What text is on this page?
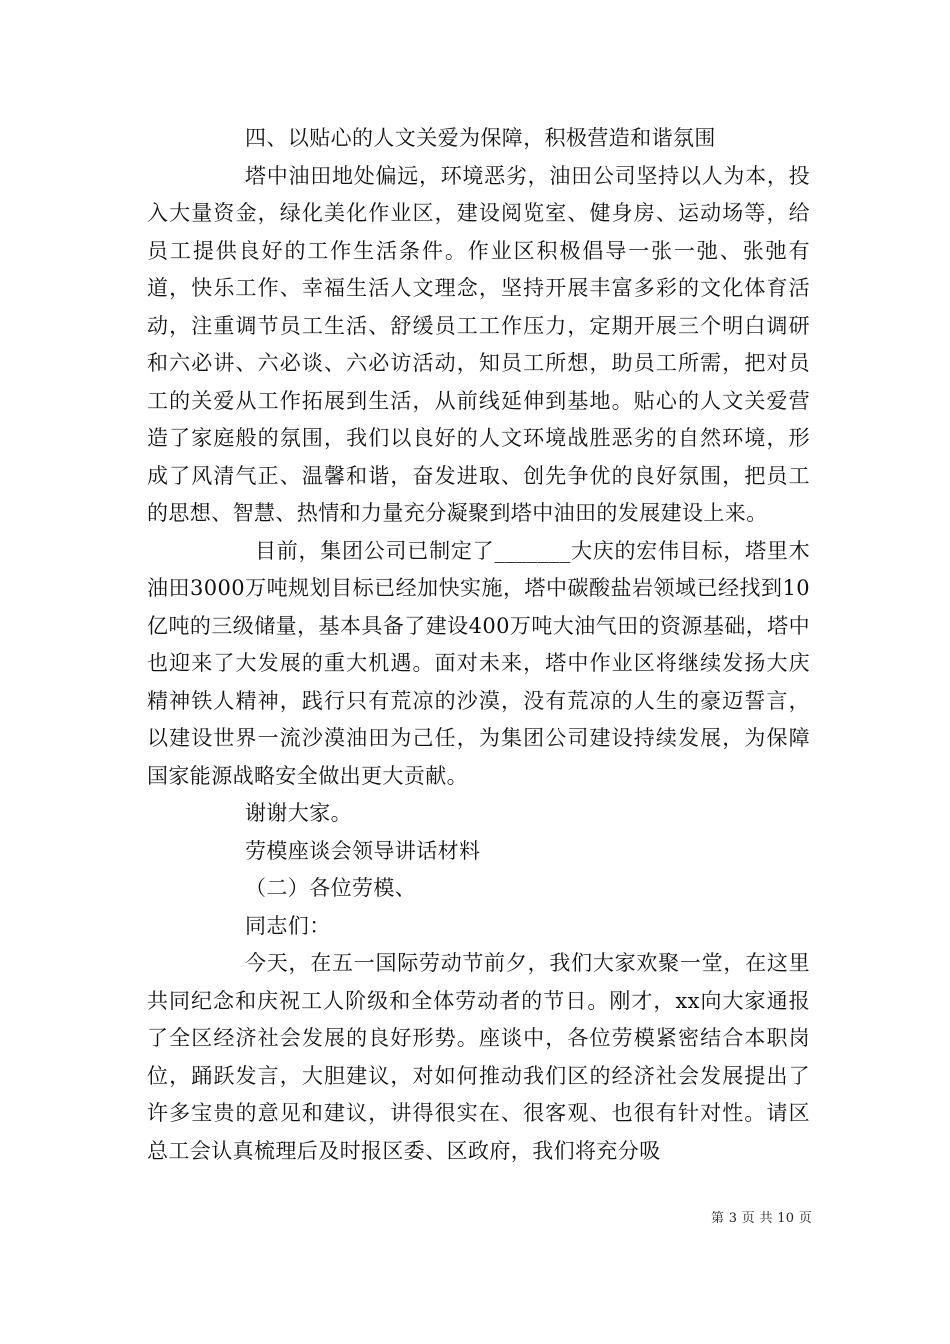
四、以贴心的人文关爱为保障，积极营造和谐氛围

塔中油田地处偏远，环境恶劣，油田公司坚持以人为本，投入大量资金，绿化美化作业区，建设阅览室、健身房、运动场等，给员工提供良好的工作生活条件。作业区积极倡导一张一弛、张弛有道，快乐工作、幸福生活人文理念，坚持开展丰富多彩的文化体育活动，注重调节员工生活、舒缓员工工作压力，定期开展三个明白调研和六必讲、六必谈、六必访活动，知员工所想，助员工所需，把对员工的关爱从工作拓展到生活，从前线延伸到基地。贴心的人文关爱营造了家庭般的氛围，我们以良好的人文环境战胜恶劣的自然环境，形成了风清气正、温馨和谐，奋发进取、创先争优的良好氛围，把员工的思想、智慧、热情和力量充分凝聚到塔中油田的发展建设上来。

目前，集团公司已制定了_______大庆的宏伟目标，塔里木油田3000万吨规划目标已经加快实施，塔中碳酸盐岩领域已经找到10亿吨的三级储量，基本具备了建设400万吨大油气田的资源基础，塔中也迎来了大发展的重大机遇。面对未来，塔中作业区将继续发扬大庆精神铁人精神，践行只有荒凉的沙漠，没有荒凉的人生的豪迈誓言，以建设世界一流沙漠油田为己任，为集团公司建设持续发展，为保障国家能源战略安全做出更大贡献。

谢谢大家。

劳模座谈会领导讲话材料

（二）各位劳模、

同志们：

今天，在五一国际劳动节前夕，我们大家欢聚一堂，在这里共同纪念和庆祝工人阶级和全体劳动者的节日。刚才，xx向大家通报了全区经济社会发展的良好形势。座谈中，各位劳模紧密结合本职岗位，踊跃发言，大胆建议，对如何推动我们区的经济社会发展提出了许多宝贵的意见和建议，讲得很实在、很客观、也很有针对性。请区总工会认真梳理后及时报区委、区政府，我们将充分吸

第 3 页 共 10 页
